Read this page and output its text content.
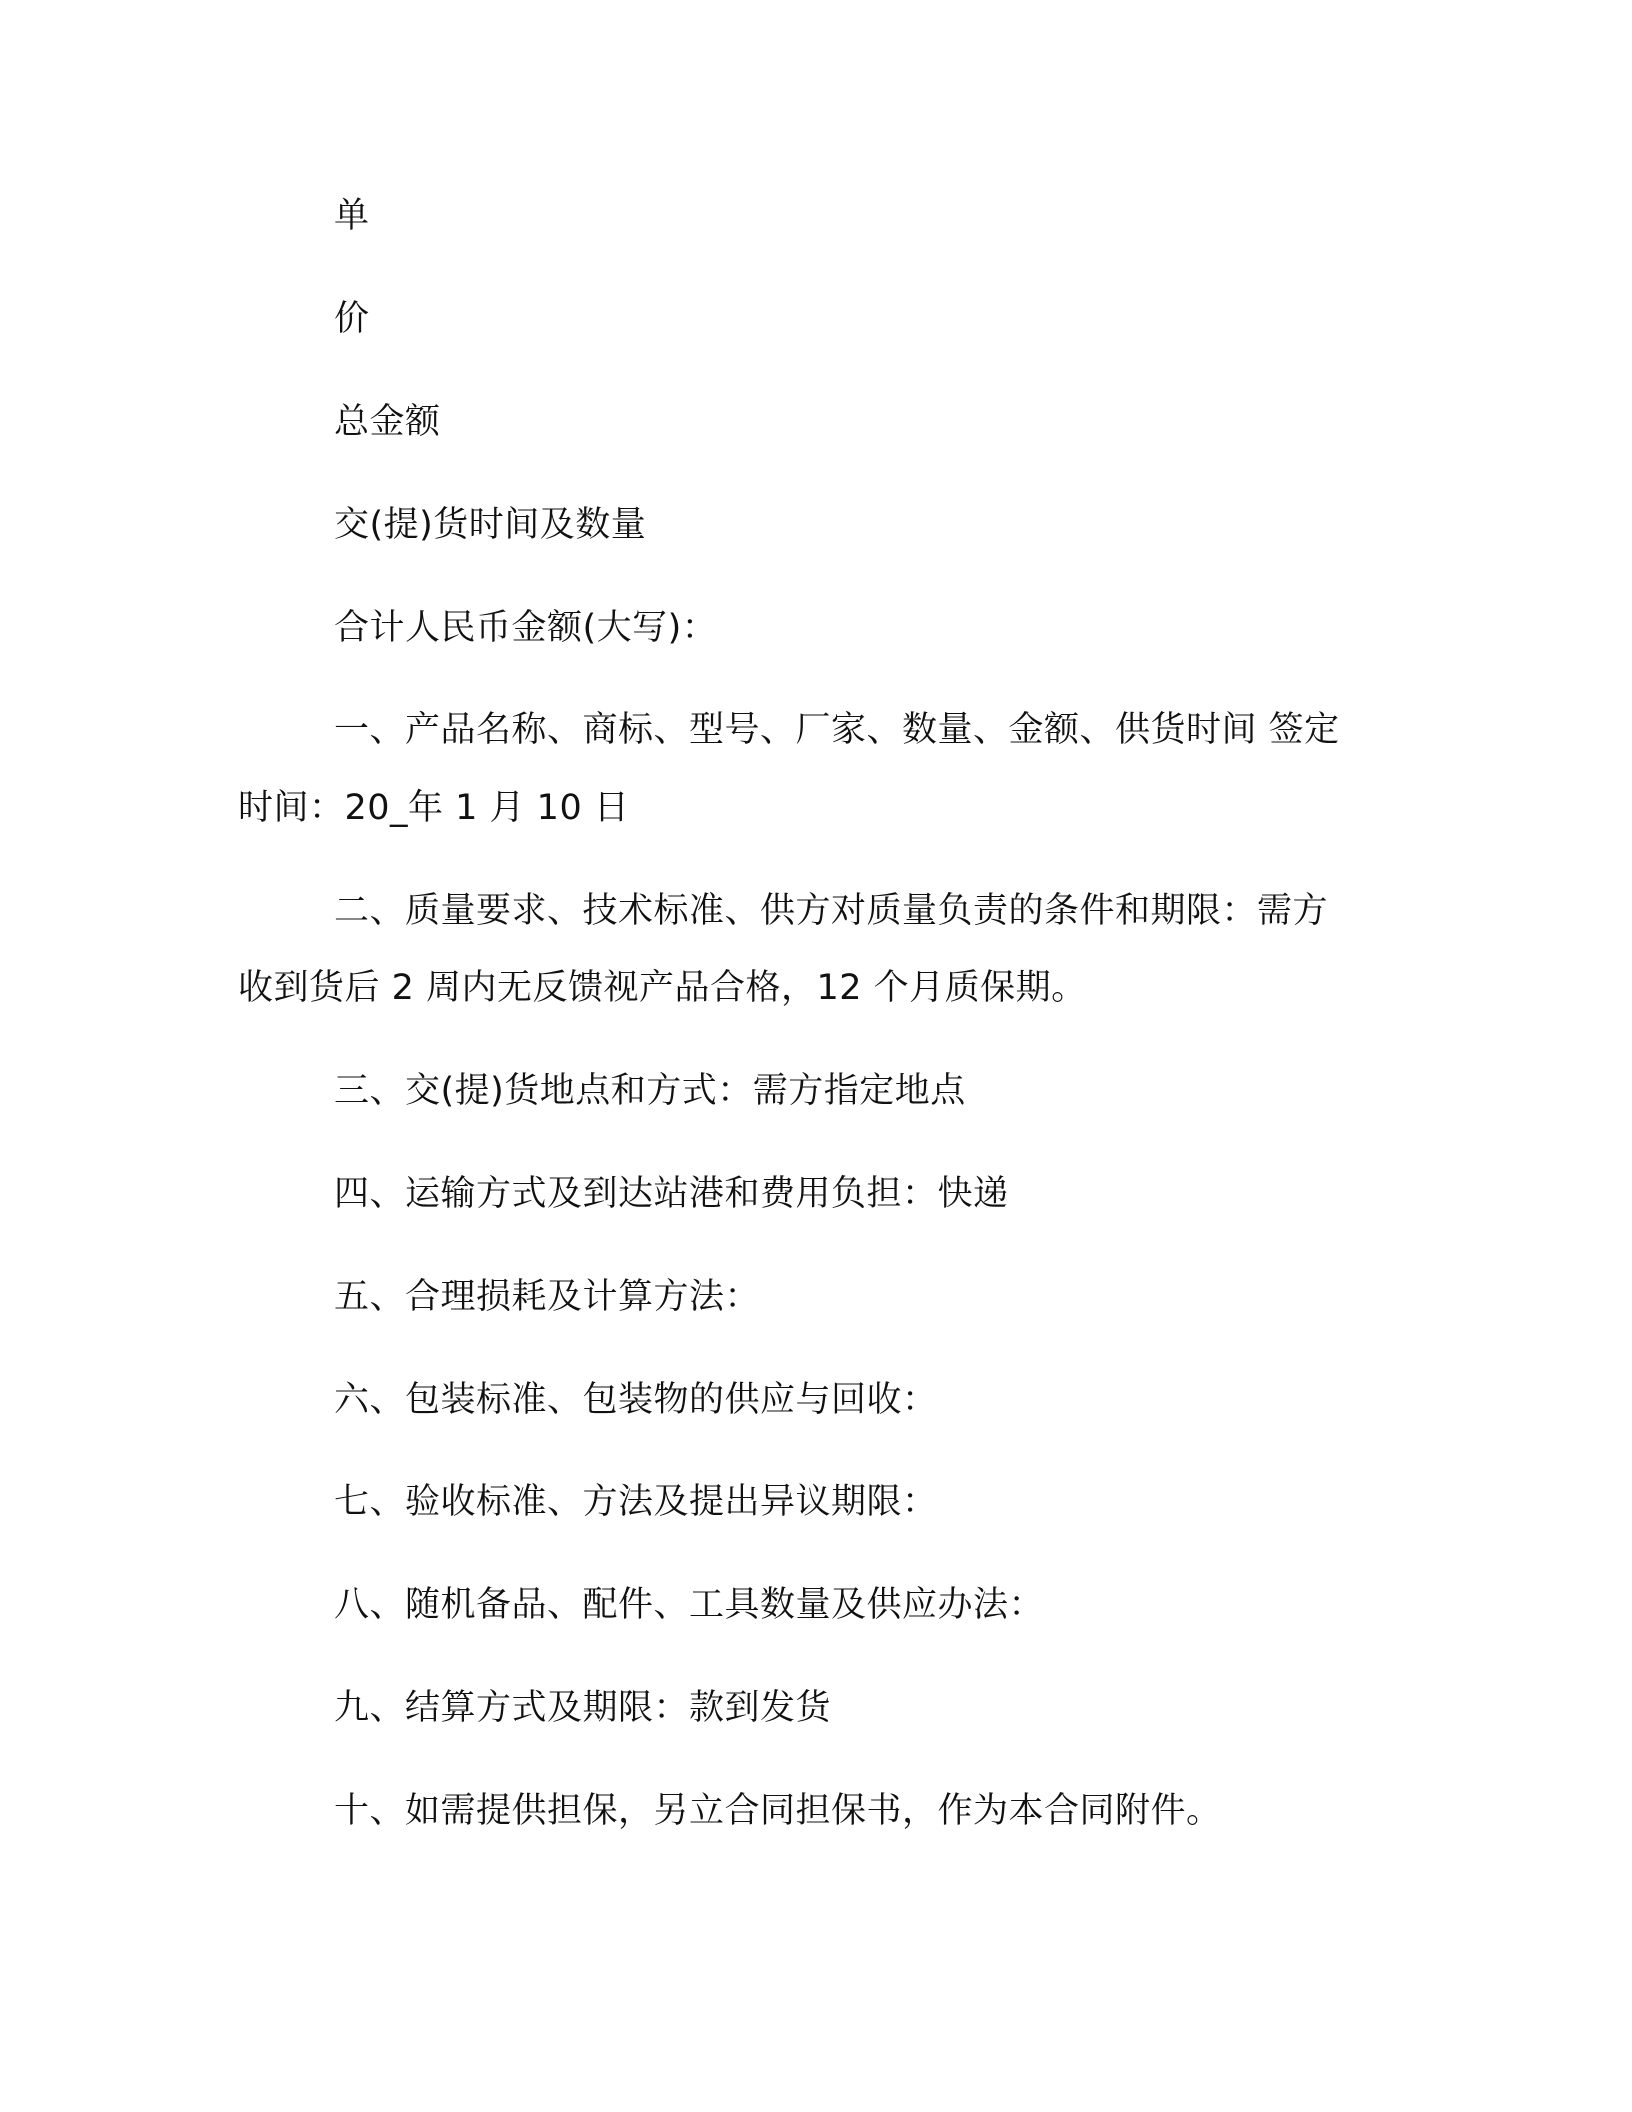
单
价
总金额
交(提)货时间及数量
合计人民币金额(大写)：
一、产品名称、商标、型号、厂家、数量、金额、供货时间 签定
时间：20_年 1 月 10 日
二、质量要求、技术标准、供方对质量负责的条件和期限：需方
收到货后 2 周内无反馈视产品合格，12 个月质保期。
三、交(提)货地点和方式：需方指定地点
四、运输方式及到达站港和费用负担：快递
五、合理损耗及计算方法：
六、包装标准、包装物的供应与回收：
七、验收标准、方法及提出异议期限：
八、随机备品、配件、工具数量及供应办法：
九、结算方式及期限：款到发货
十、如需提供担保，另立合同担保书，作为本合同附件。
